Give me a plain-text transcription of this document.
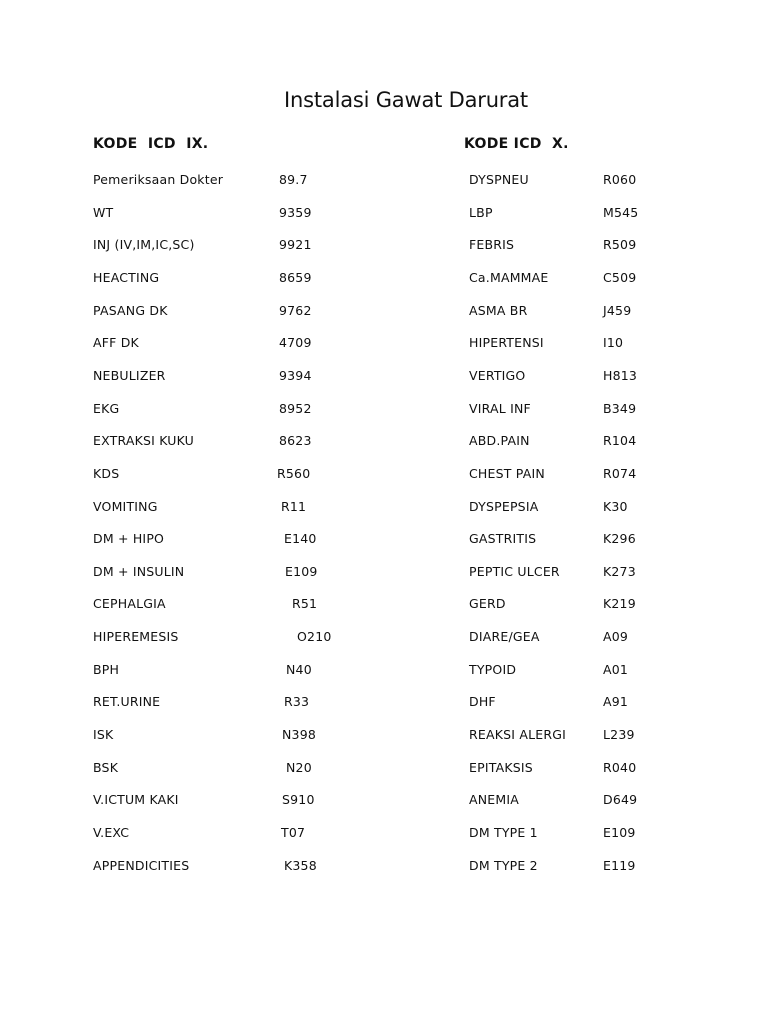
Instalasi Gawat Darurat
KODE  ICD  IX.	KODE ICD  X.
Pemeriksaan Dokter	89.7
WT	9359
INJ (IV,IM,IC,SC)	9921
HEACTING	8659
PASANG DK	9762
AFF DK	4709
NEBULIZER	9394
EKG	8952
EXTRAKSI KUKU	8623
KDS	R560
VOMITING	R11
DM + HIPO	E140
DM + INSULIN	E109
CEPHALGIA	R51
HIPEREMESIS	O210
BPH	N40
RET.URINE	R33
ISK	N398
BSK	N20
V.ICTUM KAKI	S910
V.EXC	T07
APPENDICITIES	K358
DYSPNEU	R060
LBP	M545
FEBRIS	R509
Ca.MAMMAE	C509
ASMA BR	J459
HIPERTENSI	I10
VERTIGO	H813
VIRAL INF	B349
ABD.PAIN	R104
CHEST PAIN	R074
DYSPEPSIA	K30
GASTRITIS	K296
PEPTIC ULCER	K273
GERD	K219
DIARE/GEA	A09
TYPOID	A01
DHF	A91
REAKSI ALERGI	L239
EPITAKSIS	R040
ANEMIA	D649
DM TYPE 1	E109
DM TYPE 2	E119
